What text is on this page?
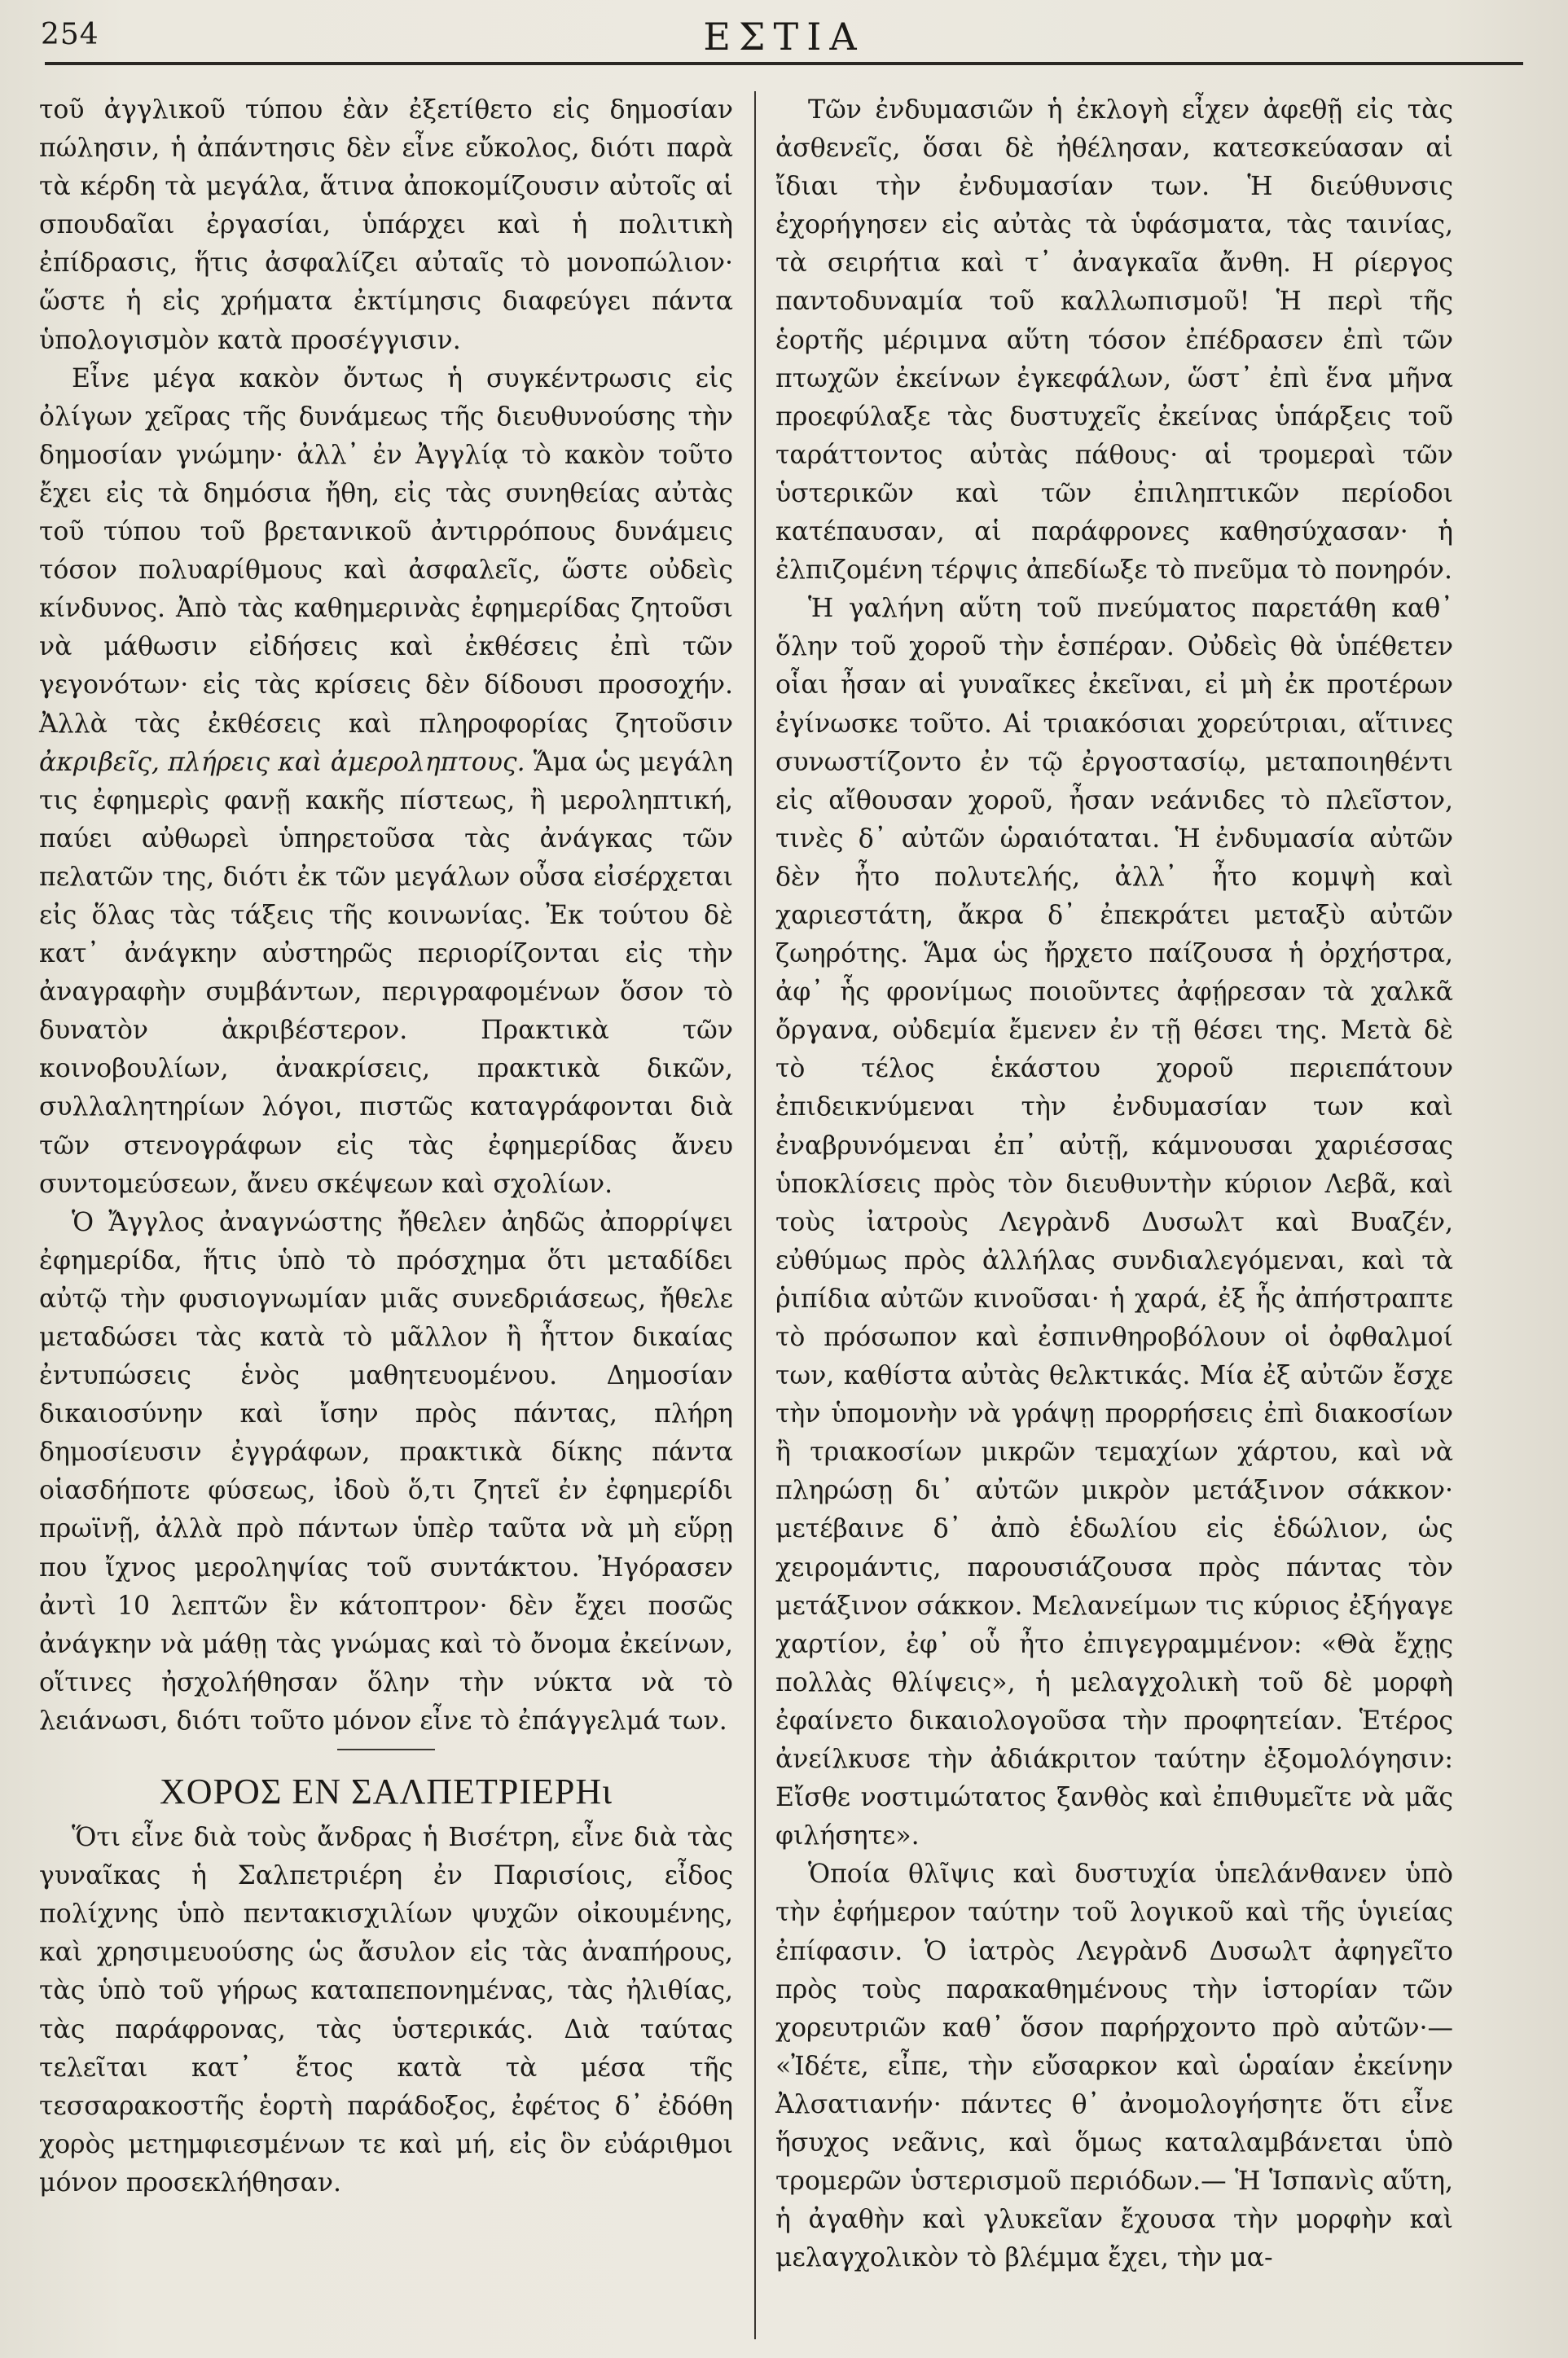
254	ΕΣΤΙΑ

τοῦ ἀγγλικοῦ τύπου ἐὰν ἐξετίθετο εἰς δημοσίαν πώλησιν, ἡ ἀπάντησις δὲν εἶνε εὔκολος, διότι παρὰ τὰ κέρδη τὰ μεγάλα, ἅτινα ἀποκομίζουσιν αὐτοῖς αἱ σπουδαῖαι ἐργασίαι, ὑπάρχει καὶ ἡ πολιτικὴ ἐπίδρασις, ἥτις ἀσφαλίζει αὐταῖς τὸ μονοπώλιον· ὥστε ἡ εἰς χρήματα ἐκτίμησις διαφεύγει πάντα ὑπολογισμὸν κατὰ προσέγγισιν.

Εἶνε μέγα κακὸν ὄντως ἡ συγκέντρωσις εἰς ὀλίγων χεῖρας τῆς δυνάμεως τῆς διευθυνούσης τὴν δημοσίαν γνώμην· ἀλλ᾽ ἐν Ἀγγλίᾳ τὸ κακὸν τοῦτο ἔχει εἰς τὰ δημόσια ἤθη, εἰς τὰς συνηθείας αὐτὰς τοῦ τύπου τοῦ βρετανικοῦ ἀντιρρόπους δυνάμεις τόσον πολυαρίθμους καὶ ἀσφαλεῖς, ὥστε οὐδεὶς κίνδυνος. Ἀπὸ τὰς καθημερινὰς ἐφημερίδας ζητοῦσι νὰ μάθωσιν εἰδήσεις καὶ ἐκθέσεις ἐπὶ τῶν γεγονότων· εἰς τὰς κρίσεις δὲν δίδουσι προσοχήν. Ἀλλὰ τὰς ἐκθέσεις καὶ πληροφορίας ζητοῦσιν ἀκριβεῖς, πλήρεις καὶ ἀμεροληπτους. Ἅμα ὡς μεγάλη τις ἐφημερὶς φανῇ κακῆς πίστεως, ἢ μεροληπτική, παύει αὐθωρεὶ ὑπηρετοῦσα τὰς ἀνάγκας τῶν πελατῶν της, διότι ἐκ τῶν μεγάλων οὖσα εἰσέρχεται εἰς ὅλας τὰς τάξεις τῆς κοινωνίας. Ἐκ τούτου δὲ κατ᾽ ἀνάγκην αὐστηρῶς περιορίζονται εἰς τὴν ἀναγραφὴν συμβάντων, περιγραφομένων ὅσον τὸ δυνατὸν ἀκριβέστερον. Πρακτικὰ τῶν κοινοβουλίων, ἀνακρίσεις, πρακτικὰ δικῶν, συλλαλητηρίων λόγοι, πιστῶς καταγράφονται διὰ τῶν στενογράφων εἰς τὰς ἐφημερίδας ἄνευ συντομεύσεων, ἄνευ σκέψεων καὶ σχολίων.

Ὁ Ἄγγλος ἀναγνώστης ἤθελεν ἀηδῶς ἀπορρίψει ἐφημερίδα, ἥτις ὑπὸ τὸ πρόσχημα ὅτι μεταδίδει αὐτῷ τὴν φυσιογνωμίαν μιᾶς συνεδριάσεως, ἤθελε μεταδώσει τὰς κατὰ τὸ μᾶλλον ἢ ἧττον δικαίας ἐντυπώσεις ἑνὸς μαθητευομένου. Δημοσίαν δικαιοσύνην καὶ ἴσην πρὸς πάντας, πλήρη δημοσίευσιν ἐγγράφων, πρακτικὰ δίκης πάντα οἱασδήποτε φύσεως, ἰδοὺ ὅ,τι ζητεῖ ἐν ἐφημερίδι πρωϊνῇ, ἀλλὰ πρὸ πάντων ὑπὲρ ταῦτα νὰ μὴ εὕρῃ που ἴχνος μεροληψίας τοῦ συντάκτου. Ἠγόρασεν ἀντὶ 10 λεπτῶν ἓν κάτοπτρον· δὲν ἔχει ποσῶς ἀνάγκην νὰ μάθῃ τὰς γνώμας καὶ τὸ ὄνομα ἐκείνων, οἵτινες ἠσχολήθησαν ὅλην τὴν νύκτα νὰ τὸ λειάνωσι, διότι τοῦτο μόνον εἶνε τὸ ἐπάγγελμά των.

ΧΟΡΟΣ ΕΝ ΣΑΛΠΕΤΡΙΕΡΗι

Ὅτι εἶνε διὰ τοὺς ἄνδρας ἡ Βισέτρη, εἶνε διὰ τὰς γυναῖκας ἡ Σαλπετριέρη ἐν Παρισίοις, εἶδος πολίχνης ὑπὸ πεντακισχιλίων ψυχῶν οἰκουμένης, καὶ χρησιμευούσης ὡς ἄσυλον εἰς τὰς ἀναπήρους, τὰς ὑπὸ τοῦ γήρως καταπεπονημένας, τὰς ἠλιθίας, τὰς παράφρονας, τὰς ὑστερικάς. Διὰ ταύτας τελεῖται κατ᾽ ἔτος κατὰ τὰ μέσα τῆς τεσσαρακοστῆς ἑορτὴ παράδοξος, ἐφέτος δ᾽ ἐδόθη χορὸς μετημφιεσμένων τε καὶ μή, εἰς ὃν εὐάριθμοι μόνον προσεκλήθησαν.

Τῶν ἐνδυμασιῶν ἡ ἐκλογὴ εἶχεν ἀφεθῇ εἰς τὰς ἀσθενεῖς, ὅσαι δὲ ἠθέλησαν, κατεσκεύασαν αἱ ἴδιαι τὴν ἐνδυμασίαν των. Ἡ διεύθυνσις ἐχορήγησεν εἰς αὐτὰς τὰ ὑφάσματα, τὰς ταινίας, τὰ σειρήτια καὶ τ᾽ ἀναγκαῖα ἄνθη. Η ρίεργος παντοδυναμία τοῦ καλλωπισμοῦ! Ἡ περὶ τῆς ἑορτῆς μέριμνα αὕτη τόσον ἐπέδρασεν ἐπὶ τῶν πτωχῶν ἐκείνων ἐγκεφάλων, ὥστ᾽ ἐπὶ ἕνα μῆνα προεφύλαξε τὰς δυστυχεῖς ἐκείνας ὑπάρξεις τοῦ ταράττοντος αὐτὰς πάθους· αἱ τρομεραὶ τῶν ὑστερικῶν καὶ τῶν ἐπιληπτικῶν περίοδοι κατέπαυσαν, αἱ παράφρονες καθησύχασαν· ἡ ἐλπιζομένη τέρψις ἀπεδίωξε τὸ πνεῦμα τὸ πονηρόν.

Ἡ γαλήνη αὕτη τοῦ πνεύματος παρετάθη καθ᾽ ὅλην τοῦ χοροῦ τὴν ἑσπέραν. Οὐδεὶς θὰ ὑπέθετεν οἷαι ἦσαν αἱ γυναῖκες ἐκεῖναι, εἰ μὴ ἐκ προτέρων ἐγίνωσκε τοῦτο. Αἱ τριακόσιαι χορεύτριαι, αἵτινες συνωστίζοντο ἐν τῷ ἐργοστασίῳ, μεταποιηθέντι εἰς αἴθουσαν χοροῦ, ἦσαν νεάνιδες τὸ πλεῖστον, τινὲς δ᾽ αὐτῶν ὡραιόταται. Ἡ ἐνδυμασία αὐτῶν δὲν ἦτο πολυτελής, ἀλλ᾽ ἦτο κομψὴ καὶ χαριεστάτη, ἄκρα δ᾽ ἐπεκράτει μεταξὺ αὐτῶν ζωηρότης. Ἅμα ὡς ἤρχετο παίζουσα ἡ ὀρχήστρα, ἀφ᾽ ἧς φρονίμως ποιοῦντες ἀφῄρεσαν τὰ χαλκᾶ ὄργανα, οὐδεμία ἔμενεν ἐν τῇ θέσει της. Μετὰ δὲ τὸ τέλος ἑκάστου χοροῦ περιεπάτουν ἐπιδεικνύμεναι τὴν ἐνδυμασίαν των καὶ ἐναβρυνόμεναι ἐπ᾽ αὐτῇ, κάμνουσαι χαριέσσας ὑποκλίσεις πρὸς τὸν διευθυντὴν κύριον Λεβᾶ, καὶ τοὺς ἰατροὺς Λεγρὰνδ Δυσωλτ καὶ Βυαζέν, εὐθύμως πρὸς ἀλλήλας συνδιαλεγόμεναι, καὶ τὰ ῥιπίδια αὐτῶν κινοῦσαι· ἡ χαρά, ἐξ ἧς ἀπήστραπτε τὸ πρόσωπον καὶ ἐσπινθηροβόλουν οἱ ὀφθαλμοί των, καθίστα αὐτὰς θελκτικάς. Μία ἐξ αὐτῶν ἔσχε τὴν ὑπομονὴν νὰ γράψῃ προρρήσεις ἐπὶ διακοσίων ἢ τριακοσίων μικρῶν τεμαχίων χάρτου, καὶ νὰ πληρώσῃ δι᾽ αὐτῶν μικρὸν μετάξινον σάκκον· μετέβαινε δ᾽ ἀπὸ ἑδωλίου εἰς ἑδώλιον, ὡς χειρομάντις, παρουσιάζουσα πρὸς πάντας τὸν μετάξινον σάκκον. Μελανείμων τις κύριος ἐξήγαγε χαρτίον, ἐφ᾽ οὗ ἦτο ἐπιγεγραμμένον: «Θὰ ἔχῃς πολλὰς θλίψεις», ἡ μελαγχολικὴ τοῦ δὲ μορφὴ ἐφαίνετο δικαιολογοῦσα τὴν προφητείαν. Ἑτέρος ἀνείλκυσε τὴν ἀδιάκριτον ταύτην ἐξομολόγησιν: Εἴσθε νοστιμώτατος ξανθὸς καὶ ἐπιθυμεῖτε νὰ μᾶς φιλήσητε».

Ὁποία θλῖψις καὶ δυστυχία ὑπελάνθανεν ὑπὸ τὴν ἐφήμερον ταύτην τοῦ λογικοῦ καὶ τῆς ὑγιείας ἐπίφασιν. Ὁ ἰατρὸς Λεγρὰνδ Δυσωλτ ἀφηγεῖτο πρὸς τοὺς παρακαθημένους τὴν ἱστορίαν τῶν χορευτριῶν καθ᾽ ὅσον παρήρχοντο πρὸ αὐτῶν·— «Ἰδέτε, εἶπε, τὴν εὔσαρκον καὶ ὡραίαν ἐκείνην Ἀλσατιανήν· πάντες θ᾽ ἀνομολογήσητε ὅτι εἶνε ἥσυχος νεᾶνις, καὶ ὅμως καταλαμβάνεται ὑπὸ τρομερῶν ὑστερισμοῦ περιόδων.— Ἡ Ἱσπανὶς αὕτη, ἡ ἀγαθὴν καὶ γλυκεῖαν ἔχουσα τὴν μορφὴν καὶ μελαγχολικὸν τὸ βλέμμα ἔχει, τὴν μα-
